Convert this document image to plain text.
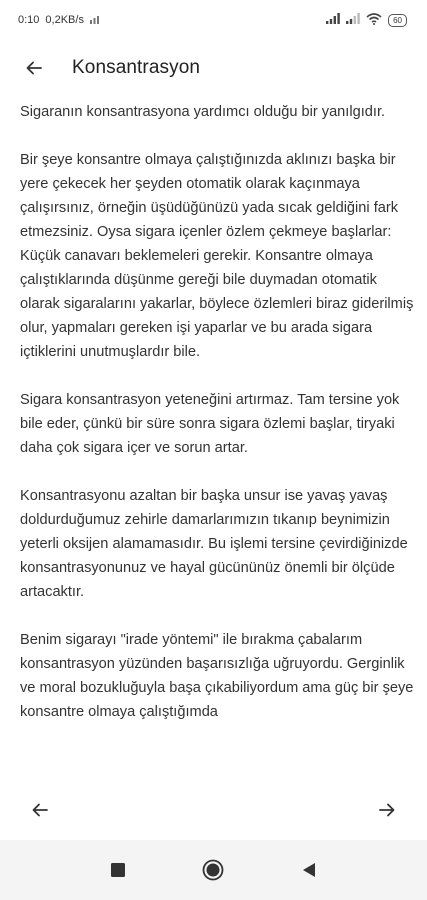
0:10 0,2KB/s	60
Konsantrasyon

Sigaranın konsantrasyona yardımcı olduğu bir yanılgıdır.

Bir şeye konsantre olmaya çalıştığınızda aklınızı başka bir yere çekecek her şeyden otomatik olarak kaçınmaya çalışırsınız, örneğin üşüdüğünüzü yada sıcak geldiğini fark etmezsiniz. Oysa sigara içenler özlem çekmeye başlarlar: Küçük canavarı beklemeleri gerekir. Konsantre olmaya çalıştıklarında düşünme gereği bile duymadan otomatik olarak sigaralarını yakarlar, böylece özlemleri biraz giderilmiş olur, yapmaları gereken işi yaparlar ve bu arada sigara içtiklerini unutmuşlardır bile.

Sigara konsantrasyon yeteneğini artırmaz. Tam tersine yok bile eder, çünkü bir süre sonra sigara özlemi başlar, tiryaki daha çok sigara içer ve sorun artar.

Konsantrasyonu azaltan bir başka unsur ise yavaş yavaş doldurduğumuz zehirle damarlarımızın tıkanıp beynimizin yeterli oksijen alamamasıdır. Bu işlemi tersine çevirdiğinizde konsantrasyonunuz ve hayal gücününüz önemli bir ölçüde artacaktır.

Benim sigarayı "irade yöntemi" ile bırakma çabalarım konsantrasyon yüzünden başarısızlığa uğruyordu. Gerginlik ve moral bozukluğuyla başa çıkabiliyordum ama güç bir şeye konsantre olmaya çalıştığımda
